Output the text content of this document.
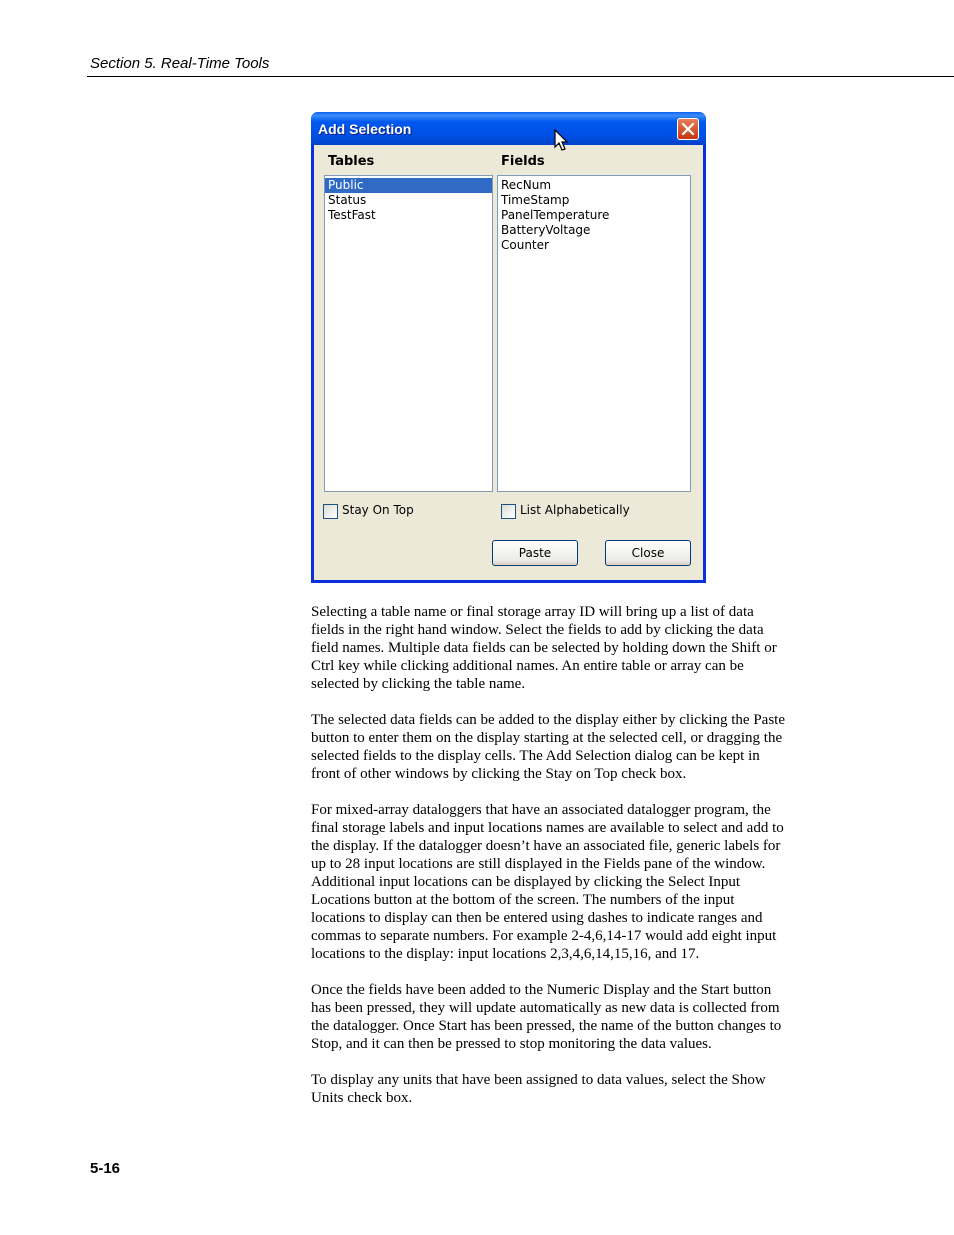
Section 5. Real-Time Tools
Add Selection
Tables	Fields
Public
Status
TestFast
RecNum
TimeStamp
PanelTemperature
BatteryVoltage
Counter
Stay On Top	List Alphabetically
Paste	Close

Selecting a table name or final storage array ID will bring up a list of data
fields in the right hand window. Select the fields to add by clicking the data
field names. Multiple data fields can be selected by holding down the Shift or
Ctrl key while clicking additional names. An entire table or array can be
selected by clicking the table name.

The selected data fields can be added to the display either by clicking the Paste
button to enter them on the display starting at the selected cell, or dragging the
selected fields to the display cells. The Add Selection dialog can be kept in
front of other windows by clicking the Stay on Top check box.

For mixed-array dataloggers that have an associated datalogger program, the
final storage labels and input locations names are available to select and add to
the display. If the datalogger doesn’t have an associated file, generic labels for
up to 28 input locations are still displayed in the Fields pane of the window.
Additional input locations can be displayed by clicking the Select Input
Locations button at the bottom of the screen. The numbers of the input
locations to display can then be entered using dashes to indicate ranges and
commas to separate numbers. For example 2-4,6,14-17 would add eight input
locations to the display: input locations 2,3,4,6,14,15,16, and 17.

Once the fields have been added to the Numeric Display and the Start button
has been pressed, they will update automatically as new data is collected from
the datalogger. Once Start has been pressed, the name of the button changes to
Stop, and it can then be pressed to stop monitoring the data values.

To display any units that have been assigned to data values, select the Show
Units check box.

5-16
